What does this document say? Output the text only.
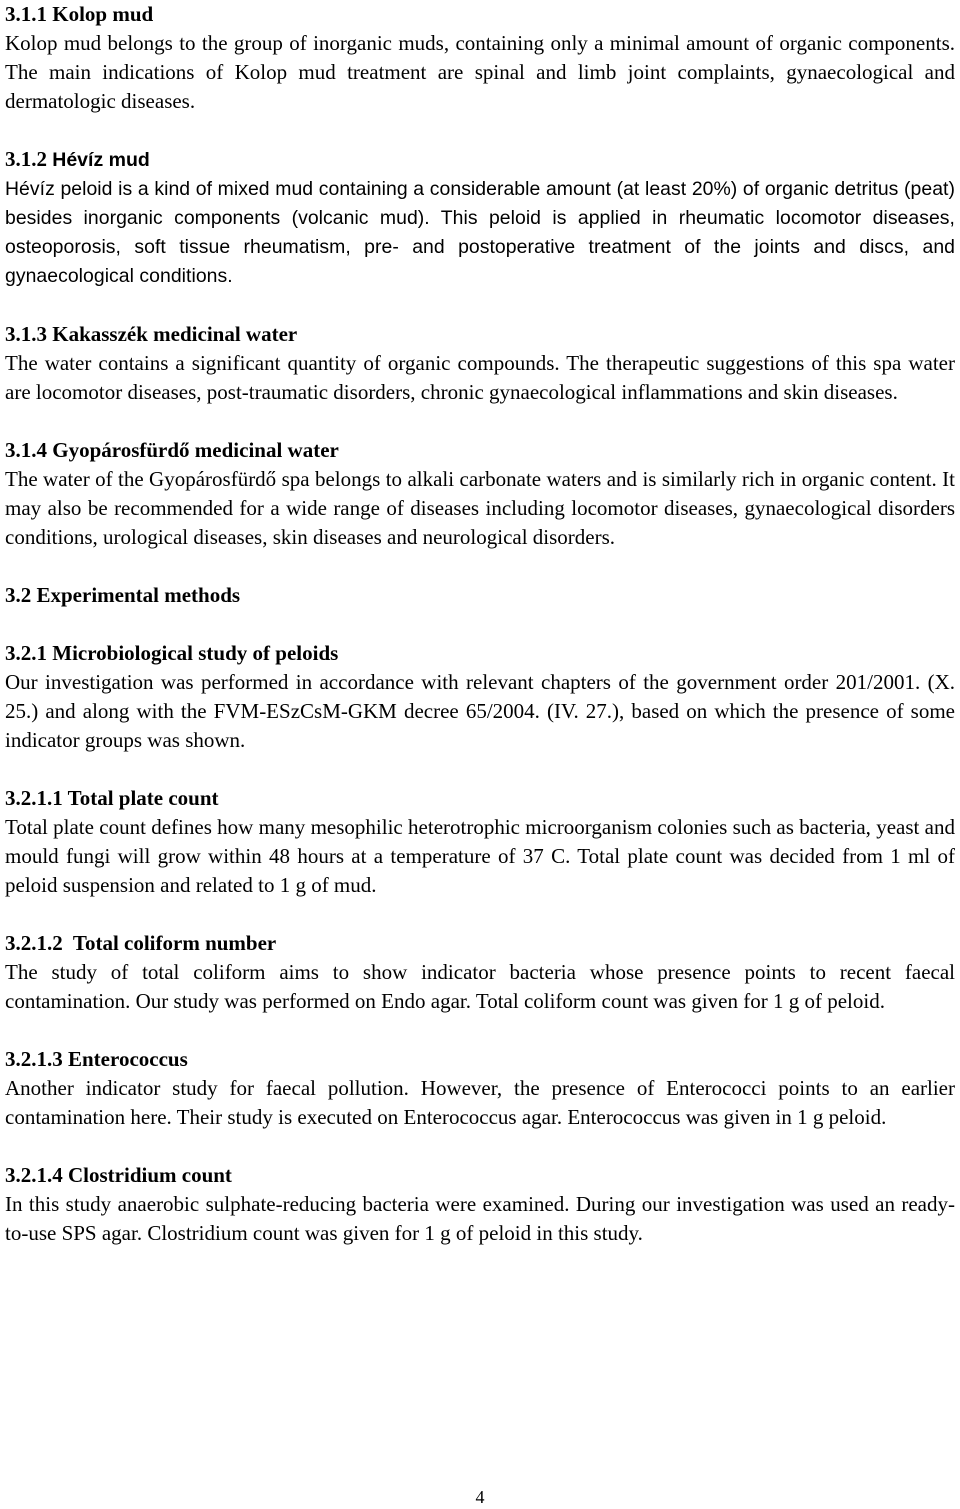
3.1.1 Kolop mud

Kolop mud belongs to the group of inorganic muds, containing only a minimal amount of organic components. The main indications of Kolop mud treatment are spinal and limb joint complaints, gynaecological and dermatologic diseases.

3.1.2 Hévíz mud

Hévíz peloid is a kind of mixed mud containing a considerable amount (at least 20%) of organic detritus (peat) besides inorganic components (volcanic mud). This peloid is applied in rheumatic locomotor diseases, osteoporosis, soft tissue rheumatism, pre- and postoperative treatment of the joints and discs, and gynaecological conditions.

3.1.3 Kakasszék medicinal water

The water contains a significant quantity of organic compounds. The therapeutic suggestions of this spa water are locomotor diseases, post-traumatic disorders, chronic gynaecological inflammations and skin diseases.

3.1.4 Gyopárosfürdő medicinal water

The water of the Gyopárosfürdő spa belongs to alkali carbonate waters and is similarly rich in organic content. It may also be recommended for a wide range of diseases including locomotor diseases, gynaecological disorders conditions, urological diseases, skin diseases and neurological disorders.

3.2 Experimental methods

3.2.1 Microbiological study of peloids

Our investigation was performed in accordance with relevant chapters of the government order 201/2001. (X. 25.) and along with the FVM-ESzCsM-GKM decree 65/2004. (IV. 27.), based on which the presence of some indicator groups was shown.

3.2.1.1 Total plate count

Total plate count defines how many mesophilic heterotrophic microorganism colonies such as bacteria, yeast and mould fungi will grow within 48 hours at a temperature of 37 C. Total plate count was decided from 1 ml of peloid suspension and related to 1 g of mud.

3.2.1.2  Total coliform number

The study of total coliform aims to show indicator bacteria whose presence points to recent faecal contamination. Our study was performed on Endo agar. Total coliform count was given for 1 g of peloid.

3.2.1.3 Enterococcus

Another indicator study for faecal pollution. However, the presence of Enterococci points to an earlier contamination here. Their study is executed on Enterococcus agar. Enterococcus was given in 1 g peloid.

3.2.1.4 Clostridium count

In this study anaerobic sulphate-reducing bacteria were examined. During our investigation was used an ready-to-use SPS agar. Clostridium count was given for 1 g of peloid in this study.

4
